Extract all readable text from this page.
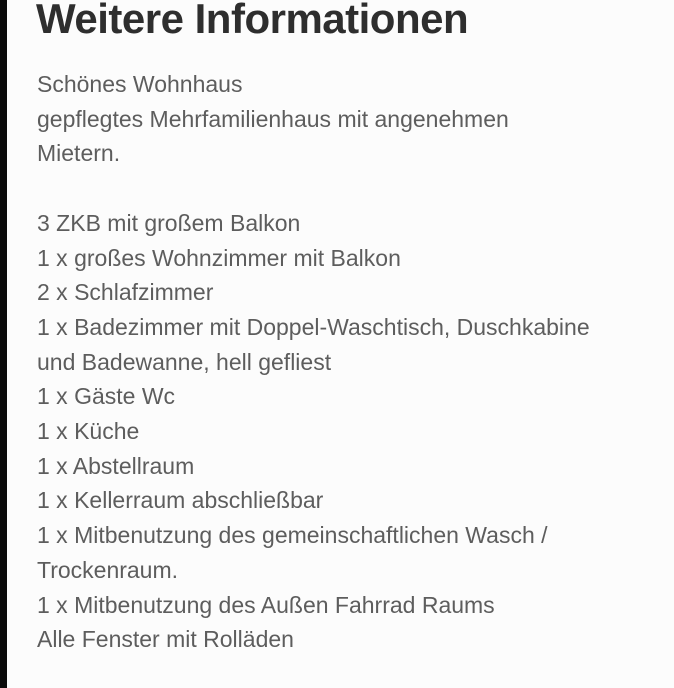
Weitere Informationen
Schönes Wohnhaus
gepflegtes Mehrfamilienhaus mit angenehmen
Mietern.
3 ZKB mit großem Balkon
1 x großes Wohnzimmer mit Balkon
2 x Schlafzimmer
1 x Badezimmer mit Doppel-Waschtisch, Duschkabine
und Badewanne, hell gefliest
1 x Gäste Wc
1 x Küche
1 x Abstellraum
1 x Kellerraum abschließbar
1 x Mitbenutzung des gemeinschaftlichen Wasch /
Trockenraum.
1 x Mitbenutzung des Außen Fahrrad Raums
Alle Fenster mit Rolläden
